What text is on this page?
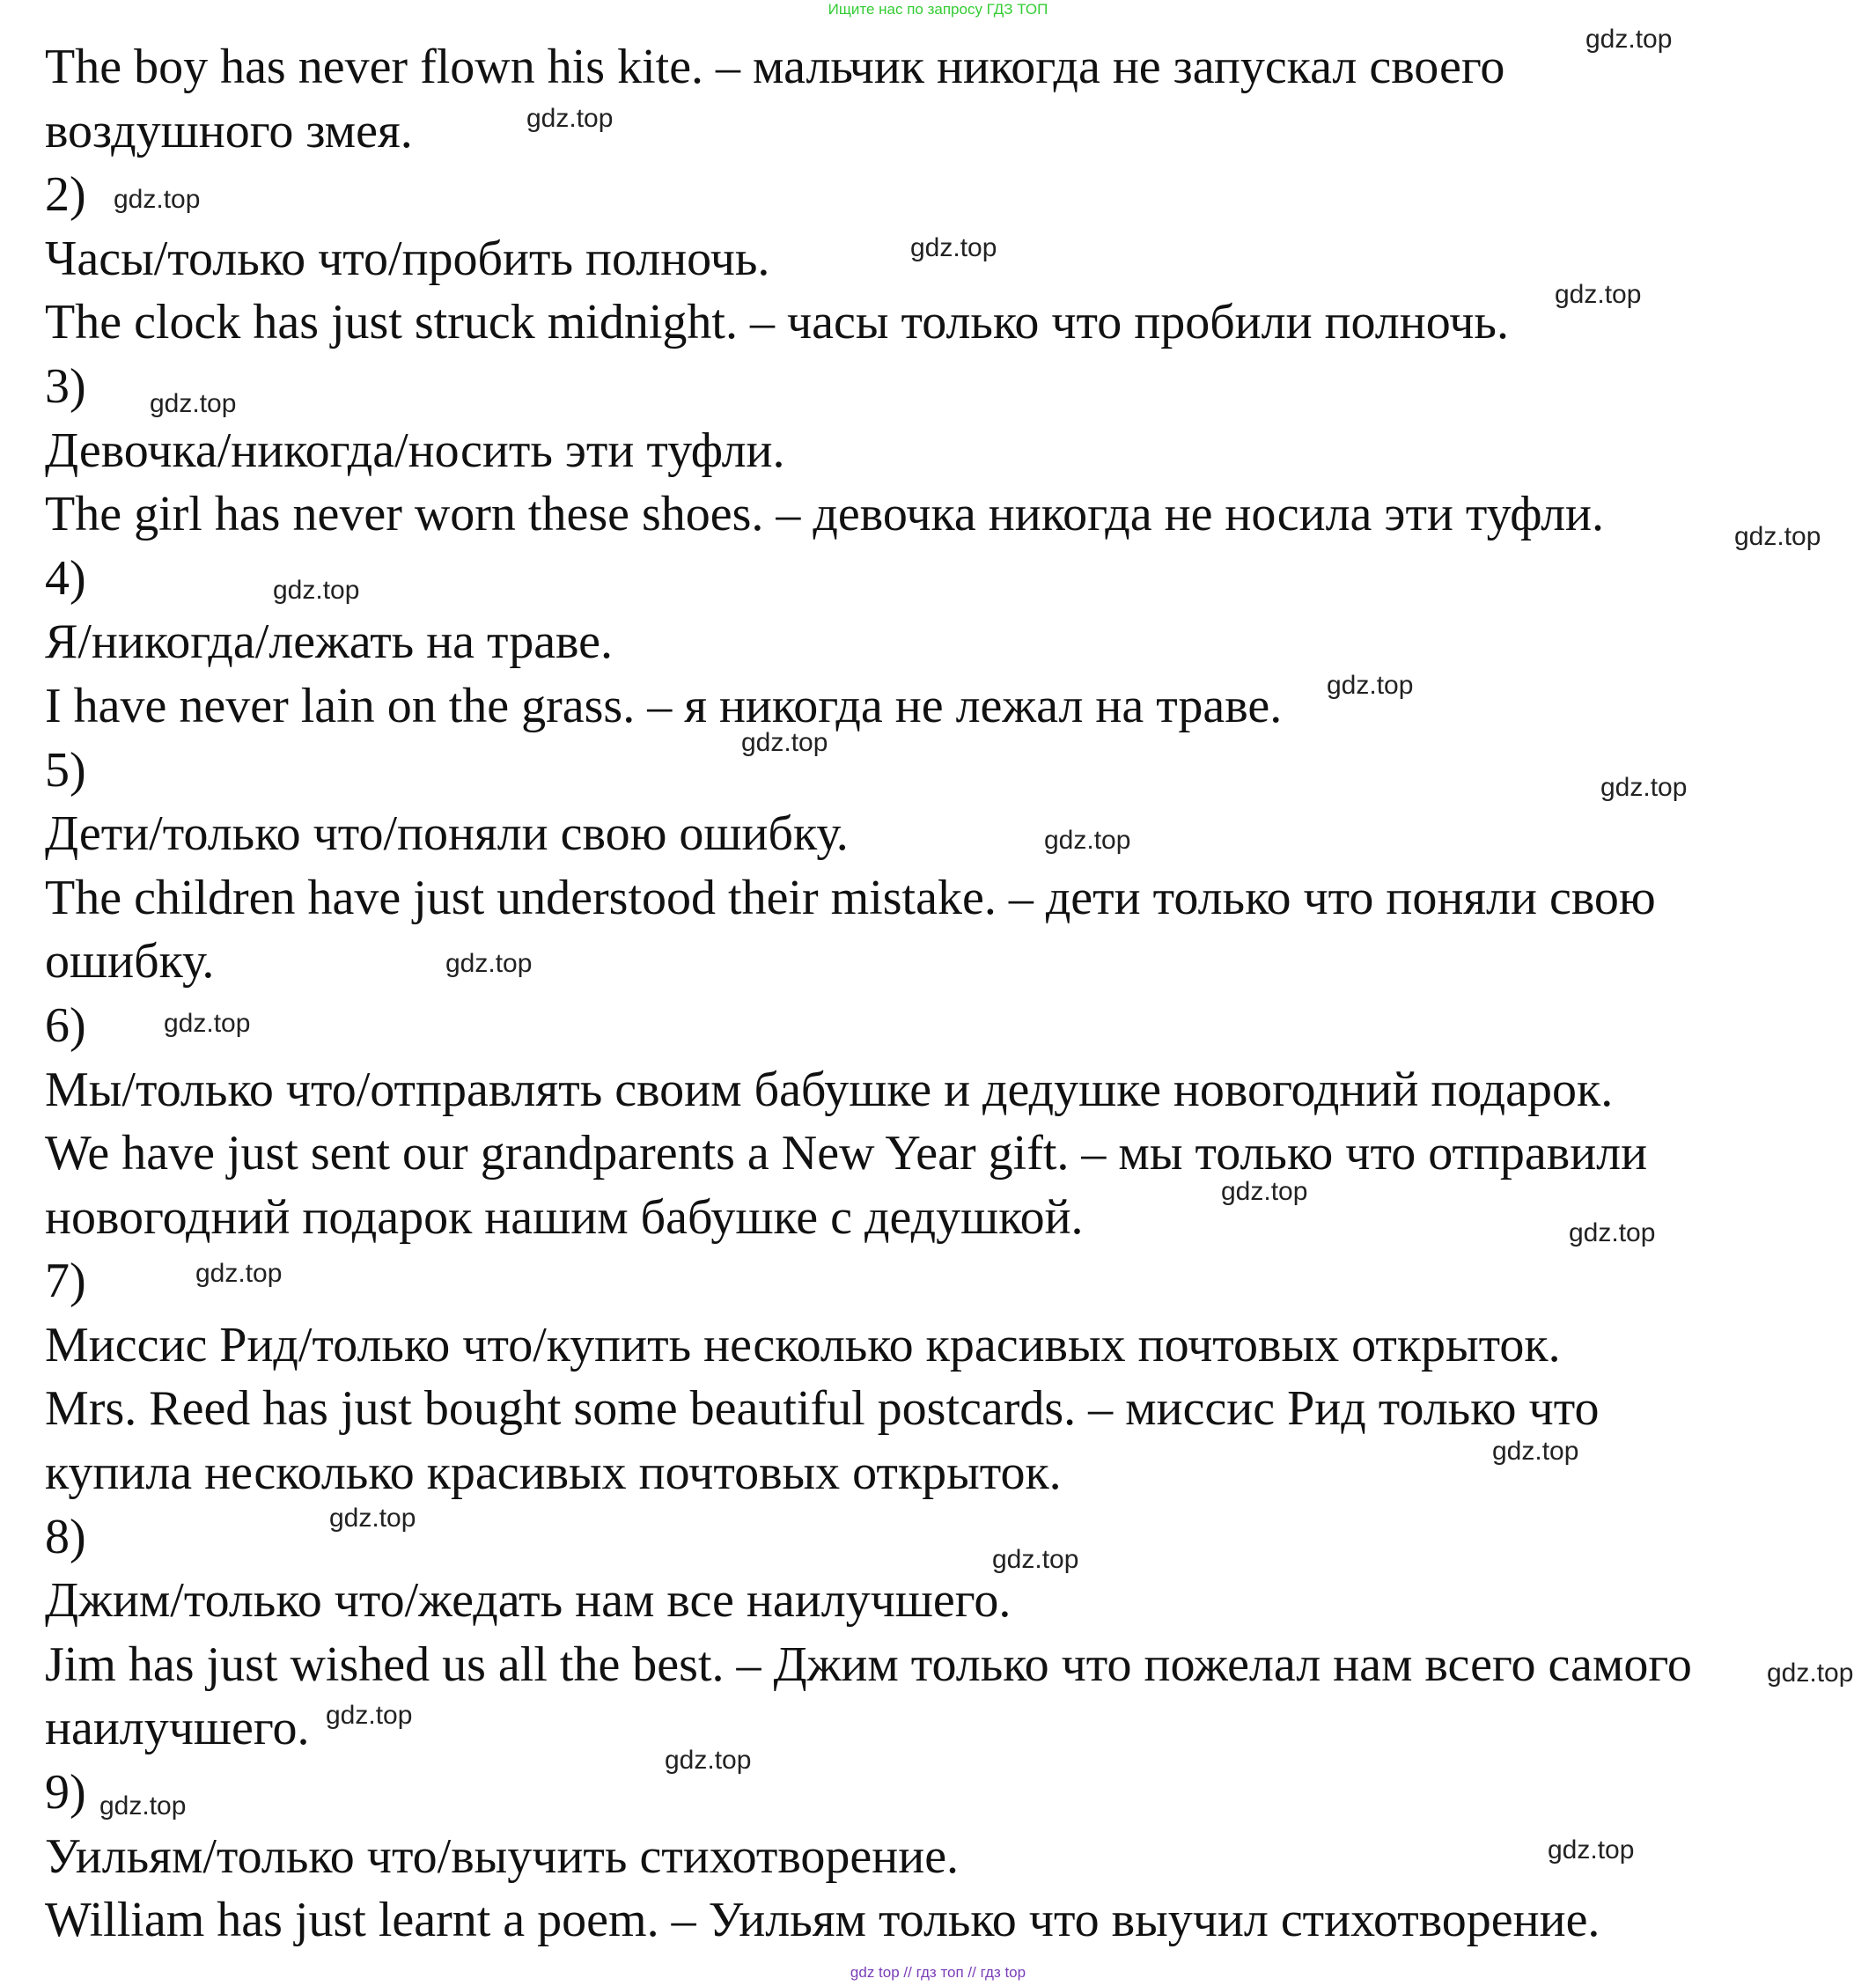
Ищите нас по запросу ГДЗ ТОП
The boy has never flown his kite. – мальчик никогда не запускал своего
воздушного змея.
2)
Часы/только что/пробить полночь.
The clock has just struck midnight. – часы только что пробили полночь.
3)
Девочка/никогда/носить эти туфли.
The girl has never worn these shoes. – девочка никогда не носила эти туфли.
4)
Я/никогда/лежать на траве.
I have never lain on the grass. – я никогда не лежал на траве.
5)
Дети/только что/поняли свою ошибку.
The children have just understood their mistake. – дети только что поняли свою
ошибку.
6)
Мы/только что/отправлять своим бабушке и дедушке новогодний подарок.
We have just sent our grandparents a New Year gift. – мы только что отправили
новогодний подарок нашим бабушке с дедушкой.
7)
Миссис Рид/только что/купить несколько красивых почтовых открыток.
Mrs. Reed has just bought some beautiful postcards. – миссис Рид только что
купила несколько красивых почтовых открыток.
8)
Джим/только что/жедать нам все наилучшего.
Jim has just wished us all the best. – Джим только что пожелал нам всего самого
наилучшего.
9)
Уильям/только что/выучить стихотворение.
William has just learnt a poem. – Уильям только что выучил стихотворение.
gdz.top
gdz.top
gdz.top
gdz.top
gdz.top
gdz.top
gdz.top
gdz.top
gdz.top
gdz.top
gdz.top
gdz.top
gdz.top
gdz.top
gdz.top
gdz.top
gdz.top
gdz.top
gdz.top
gdz.top
gdz.top
gdz.top
gdz.top
gdz.top
gdz.top
gdz top // гдз топ // гдз top
